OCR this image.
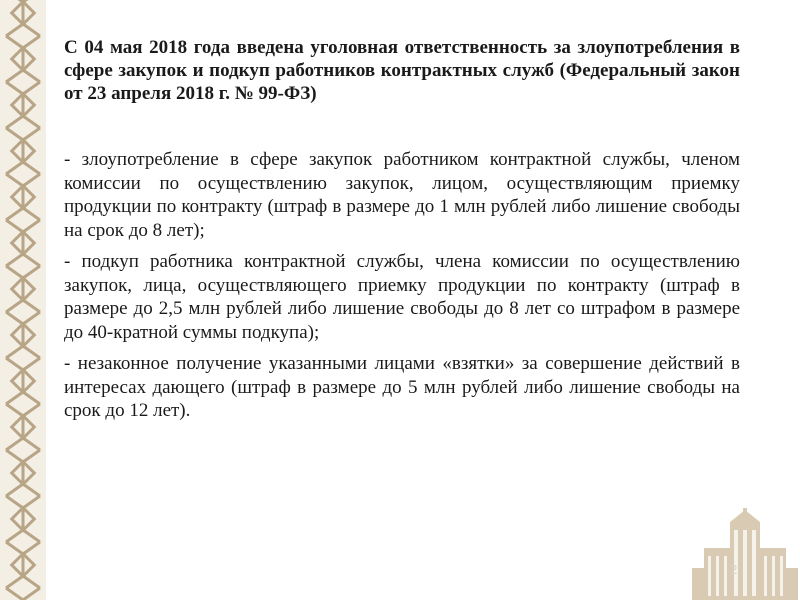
С 04 мая 2018 года введена уголовная ответственность за злоупотребления в сфере закупок и подкуп работников контрактных служб (Федеральный закон от 23 апреля 2018 г. № 99-ФЗ)

- злоупотребление в сфере закупок работником контрактной службы, членом комиссии по осуществлению закупок, лицом, осуществляющим приемку продукции по контракту (штраф в размере до 1 млн рублей либо лишение свободы на срок до 8 лет);

- подкуп работника контрактной службы, члена комиссии по осуществлению закупок, лица, осуществляющего приемку продукции по контракту (штраф в размере до 2,5 млн рублей либо лишение свободы до 8 лет со штрафом в размере до 40-кратной суммы подкупа);

- незаконное получение указанными лицами «взятки» за совершение действий в интересах дающего (штраф в размере до 5 млн рублей либо лишение свободы на срок до 12 лет).

2
